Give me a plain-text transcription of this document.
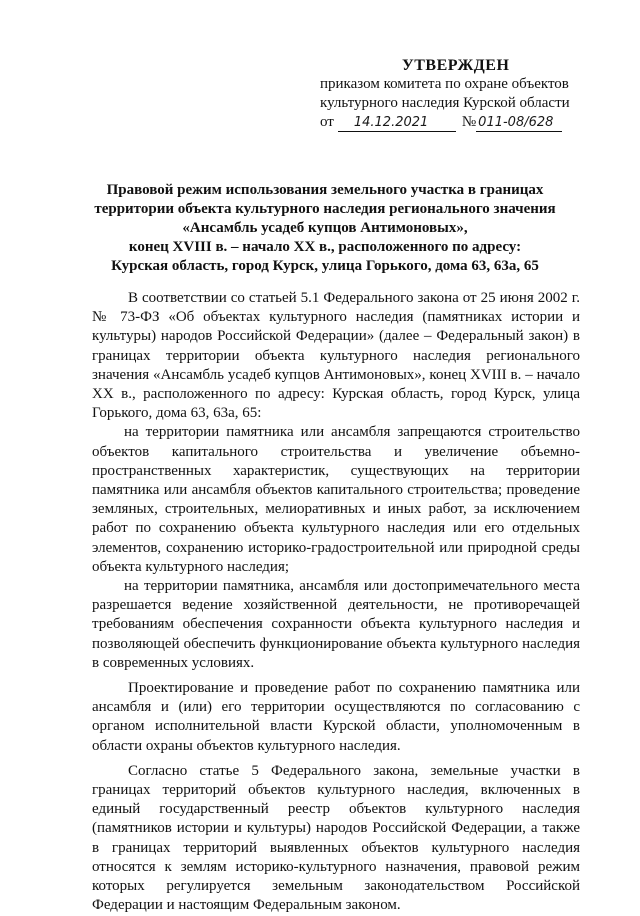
УТВЕРЖДЕН
приказом комитета по охране объектов
культурного наследия Курской области
от	14.12.2021	№ 011-08/628
Правовой режим использования земельного участка в границах
территории объекта культурного наследия регионального значения
«Ансамбль усадеб купцов Антимоновых»,
конец XVIII в. – начало XX в., расположенного по адресу:
Курская область, город Курск, улица Горького, дома 63, 63а, 65

В соответствии со статьей 5.1 Федерального закона от 25 июня 2002 г. № 73-ФЗ «Об объектах культурного наследия (памятниках истории и культуры) народов Российской Федерации» (далее – Федеральный закон) в границах территории объекта культурного наследия регионального значения «Ансамбль усадеб купцов Антимоновых», конец XVIII в. – начало XX в., расположенного по адресу: Курская область, город Курск, улица Горького, дома 63, 63а, 65:

на территории памятника или ансамбля запрещаются строительство объектов капитального строительства и увеличение объемно-пространственных характеристик, существующих на территории памятника или ансамбля объектов капитального строительства; проведение земляных, строительных, мелиоративных и иных работ, за исключением работ по сохранению объекта культурного наследия или его отдельных элементов, сохранению историко-градостроительной или природной среды объекта культурного наследия;

на территории памятника, ансамбля или достопримечательного места разрешается ведение хозяйственной деятельности, не противоречащей требованиям обеспечения сохранности объекта культурного наследия и позволяющей обеспечить функционирование объекта культурного наследия в современных условиях.

Проектирование и проведение работ по сохранению памятника или ансамбля и (или) его территории осуществляются по согласованию с органом исполнительной власти Курской области, уполномоченным в области охраны объектов культурного наследия.

Согласно статье 5 Федерального закона, земельные участки в границах территорий объектов культурного наследия, включенных в единый государственный реестр объектов культурного наследия (памятников истории и культуры) народов Российской Федерации, а также в границах территорий выявленных объектов культурного наследия относятся к землям историко-культурного назначения, правовой режим которых регулируется земельным законодательством Российской Федерации и настоящим Федеральным законом.
